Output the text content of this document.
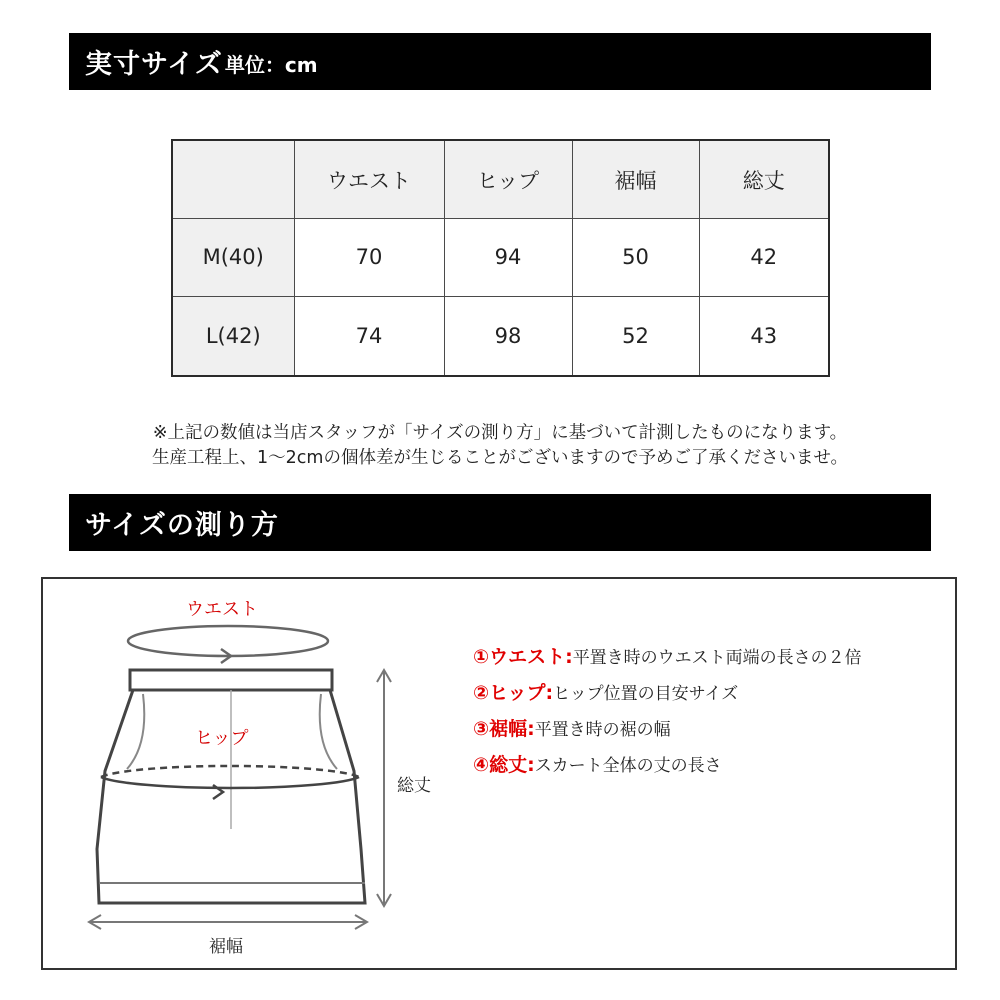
実寸サイズ 単位：cm
	ウエスト	ヒップ	裾幅	総丈
M(40)	70	94	50	42
L(42)	74	98	52	43
※上記の数値は当店スタッフが「サイズの測り方」に基づいて計測したものになります。
生産工程上、1〜2cmの個体差が生じることがございますので予めご了承くださいませ。
サイズの測り方
ウエスト
ヒップ
総丈
裾幅
①ウエスト: 平置き時のウエスト両端の長さの２倍
②ヒップ: ヒップ位置の目安サイズ
③裾幅: 平置き時の裾の幅
④総丈: スカート全体の丈の長さ
